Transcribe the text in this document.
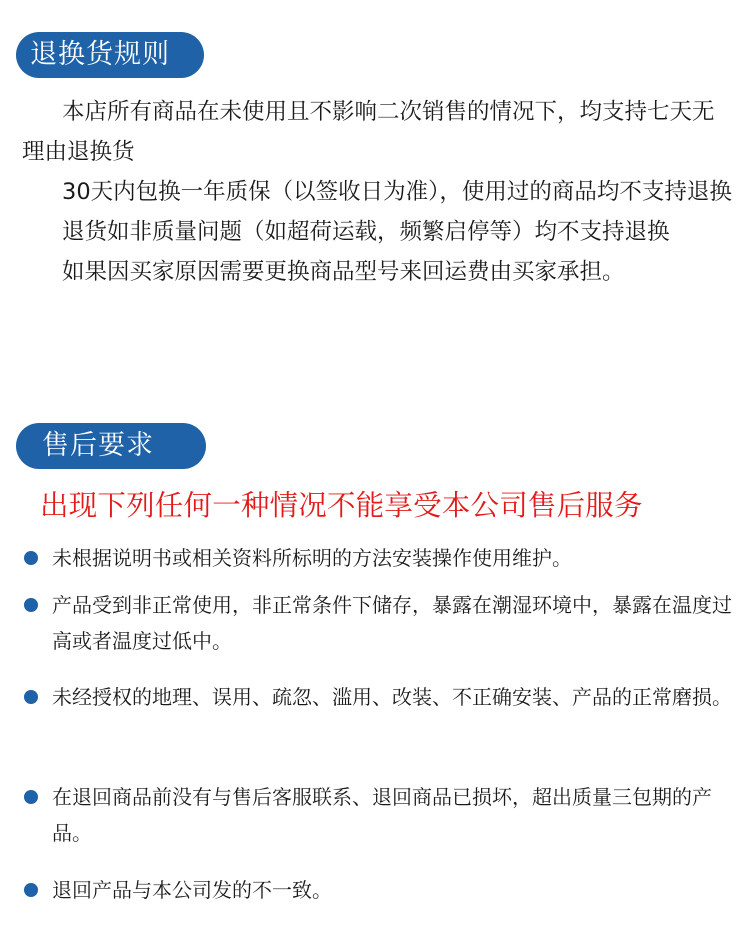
退换货规则

本店所有商品在未使用且不影响二次销售的情况下，均支持七天无理由退换货

30天内包换一年质保（以签收日为准），使用过的商品均不支持退换

退货如非质量问题（如超荷运载，频繁启停等）均不支持退换

如果因买家原因需要更换商品型号来回运费由买家承担。

售后要求
出现下列任何一种情况不能享受本公司售后服务
未根据说明书或相关资料所标明的方法安装操作使用维护。
产品受到非正常使用，非正常条件下储存，暴露在潮湿环境中，暴露在温度过高或者温度过低中。
未经授权的地理、误用、疏忽、滥用、改装、不正确安装、产品的正常磨损。
在退回商品前没有与售后客服联系、退回商品已损坏，超出质量三包期的产品。
退回产品与本公司发的不一致。
